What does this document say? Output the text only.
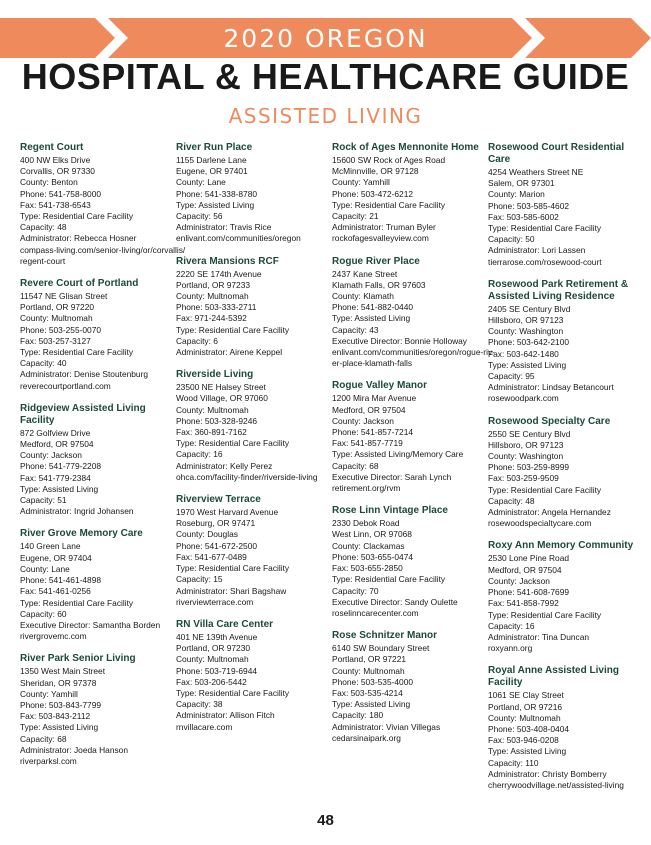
2020 OREGON
HOSPITAL & HEALTHCARE GUIDE
ASSISTED LIVING
Regent Court
400 NW Elks Drive
Corvallis, OR 97330
County: Benton
Phone: 541-758-8000
Fax: 541-738-6543
Type: Residential Care Facility
Capacity: 48
Administrator: Rebecca Hosner
compass-living.com/senior-living/or/corvallis/
regent-court
Revere Court of Portland
11547 NE Glisan Street
Portland, OR 97220
County: Multnomah
Phone: 503-255-0070
Fax: 503-257-3127
Type: Residential Care Facility
Capacity: 40
Administrator: Denise Stoutenburg
reverecourtportland.com
Ridgeview Assisted Living Facility
872 Golfview Drive
Medford, OR 97504
County: Jackson
Phone: 541-779-2208
Fax: 541-779-2384
Type: Assisted Living
Capacity: 51
Administrator: Ingrid Johansen
River Grove Memory Care
140 Green Lane
Eugene, OR 97404
County: Lane
Phone: 541-461-4898
Fax: 541-461-0256
Type: Residential Care Facility
Capacity: 60
Executive Director: Samantha Borden
rivergrovemc.com
River Park Senior Living
1350 West Main Street
Sheridan, OR 97378
County: Yamhill
Phone: 503-843-7799
Fax: 503-843-2112
Type: Assisted Living
Capacity: 68
Administrator: Joeda Hanson
riverparksl.com
River Run Place
1155 Darlene Lane
Eugene, OR 97401
County: Lane
Phone: 541-338-8780
Type: Assisted Living
Capacity: 56
Administrator: Travis Rice
enlivant.com/communities/oregon
Rivera Mansions RCF
2220 SE 174th Avenue
Portland, OR 97233
County: Multnomah
Phone: 503-333-2711
Fax: 971-244-5392
Type: Residential Care Facility
Capacity: 6
Administrator: Airene Keppel
Riverside Living
23500 NE Halsey Street
Wood Village, OR 97060
County: Multnomah
Phone: 503-328-9246
Fax: 360-891-7162
Type: Residential Care Facility
Capacity: 16
Administrator: Kelly Perez
ohca.com/facility-finder/riverside-living
Riverview Terrace
1970 West Harvard Avenue
Roseburg, OR 97471
County: Douglas
Phone: 541-672-2500
Fax: 541-677-0489
Type: Residential Care Facility
Capacity: 15
Administrator: Shari Bagshaw
riverviewterrace.com
RN Villa Care Center
401 NE 139th Avenue
Portland, OR 97230
County: Multnomah
Phone: 503-719-6944
Fax: 503-206-5442
Type: Residential Care Facility
Capacity: 38
Administrator: Allison Fitch
rnvillacare.com
Rock of Ages Mennonite Home
15600 SW Rock of Ages Road
McMinnville, OR 97128
County: Yamhill
Phone: 503-472-6212
Type: Residential Care Facility
Capacity: 21
Administrator: Truman Byler
rockofagesvalleyview.com
Rogue River Place
2437 Kane Street
Klamath Falls, OR 97603
County: Klamath
Phone: 541-882-0440
Type: Assisted Living
Capacity: 43
Executive Director: Bonnie Holloway
enlivant.com/communities/oregon/rogue-riv-
er-place-klamath-falls
Rogue Valley Manor
1200 Mira Mar Avenue
Medford, OR 97504
County: Jackson
Phone: 541-857-7214
Fax: 541-857-7719
Type: Assisted Living/Memory Care
Capacity: 68
Executive Director: Sarah Lynch
retirement.org/rvm
Rose Linn Vintage Place
2330 Debok Road
West Linn, OR 97068
County: Clackamas
Phone: 503-655-0474
Fax: 503-655-2850
Type: Residential Care Facility
Capacity: 70
Executive Director: Sandy Oulette
roselinncarecenter.com
Rose Schnitzer Manor
6140 SW Boundary Street
Portland, OR 97221
County: Multnomah
Phone: 503-535-4000
Fax: 503-535-4214
Type: Assisted Living
Capacity: 180
Administrator: Vivian Villegas
cedarsinaipark.org
Rosewood Court Residential Care
4254 Weathers Street NE
Salem, OR 97301
County: Marion
Phone: 503-585-4602
Fax: 503-585-6002
Type: Residential Care Facility
Capacity: 50
Administrator: Lori Lassen
tierrarose.com/rosewood-court
Rosewood Park Retirement & Assisted Living Residence
2405 SE Century Blvd
Hillsboro, OR 97123
County: Washington
Phone: 503-642-2100
Fax: 503-642-1480
Type: Assisted Living
Capacity: 95
Administrator: Lindsay Betancourt
rosewoodpark.com
Rosewood Specialty Care
2550 SE Century Blvd
Hillsboro, OR 97123
County: Washington
Phone: 503-259-8999
Fax: 503-259-9509
Type: Residential Care Facility
Capacity: 48
Administrator: Angela Hernandez
rosewoodspecialtycare.com
Roxy Ann Memory Community
2530 Lone Pine Road
Medford, OR 97504
County: Jackson
Phone: 541-608-7699
Fax: 541-858-7992
Type: Residential Care Facility
Capacity: 16
Administrator: Tina Duncan
roxyann.org
Royal Anne Assisted Living Facility
1061 SE Clay Street
Portland, OR 97216
County: Multnomah
Phone: 503-408-0404
Fax: 503-946-0208
Type: Assisted Living
Capacity: 110
Administrator: Christy Bomberry
cherrywoodvillage.net/assisted-living
48
